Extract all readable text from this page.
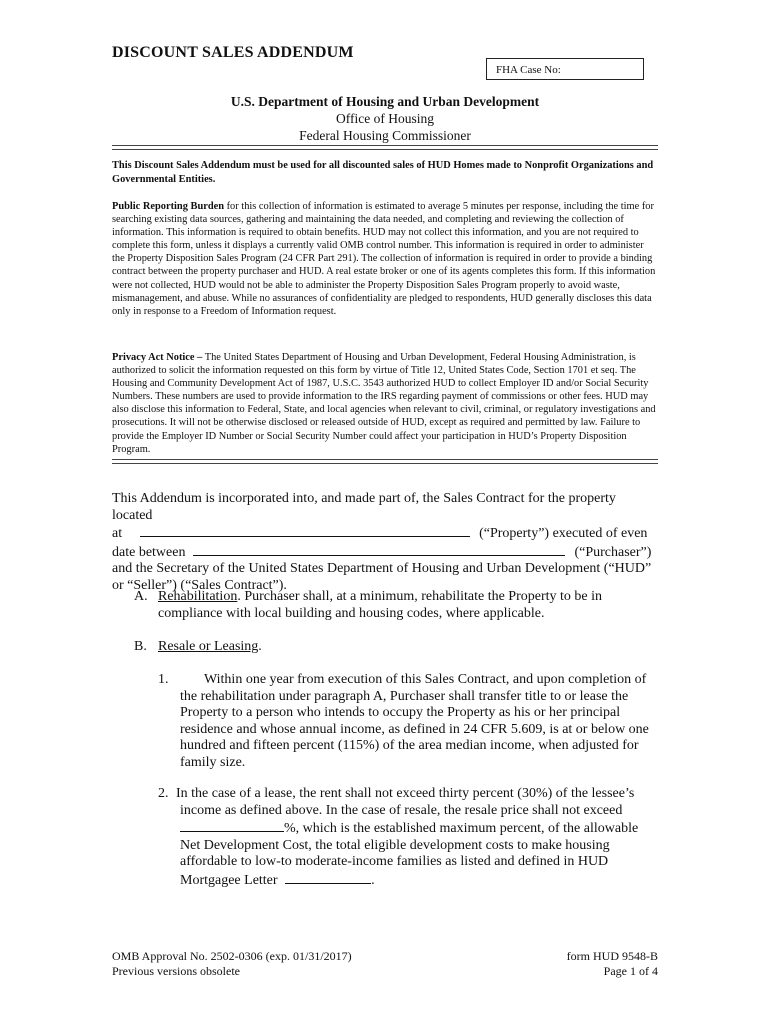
DISCOUNT SALES ADDENDUM
FHA Case No:
U.S. Department of Housing and Urban Development
Office of Housing
Federal Housing Commissioner
This Discount Sales Addendum must be used for all discounted sales of HUD Homes made to Nonprofit Organizations and Governmental Entities.
Public Reporting Burden for this collection of information is estimated to average 5 minutes per response, including the time for searching existing data sources, gathering and maintaining the data needed, and completing and reviewing the collection of information. This information is required to obtain benefits. HUD may not collect this information, and you are not required to complete this form, unless it displays a currently valid OMB control number. This information is required in order to administer the Property Disposition Sales Program (24 CFR Part 291). The collection of information is required in order to provide a binding contract between the property purchaser and HUD. A real estate broker or one of its agents completes this form. If this information were not collected, HUD would not be able to administer the Property Disposition Sales Program properly to avoid waste, mismanagement, and abuse. While no assurances of confidentiality are pledged to respondents, HUD generally discloses this data only in response to a Freedom of Information request.
Privacy Act Notice – The United States Department of Housing and Urban Development, Federal Housing Administration, is authorized to solicit the information requested on this form by virtue of Title 12, United States Code, Section 1701 et seq. The Housing and Community Development Act of 1987, U.S.C. 3543 authorized HUD to collect Employer ID and/or Social Security Numbers. These numbers are used to provide information to the IRS regarding payment of commissions or other fees. HUD may also disclose this information to Federal, State, and local agencies when relevant to civil, criminal, or regulatory investigations and prosecutions. It will not be otherwise disclosed or released outside of HUD, except as required and permitted by law. Failure to provide the Employer ID Number or Social Security Number could affect your participation in HUD’s Property Disposition Program.
This Addendum is incorporated into, and made part of, the Sales Contract for the property located
at	(“Property”) executed of even
date between	(“Purchaser”)
and the Secretary of the United States Department of Housing and Urban Development (“HUD”
or “Seller”) (“Sales Contract”).
A. Rehabilitation. Purchaser shall, at a minimum, rehabilitate the Property to be in
compliance with local building and housing codes, where applicable.
B. Resale or Leasing.
1.	Within one year from execution of this Sales Contract, and upon completion of
the rehabilitation under paragraph A, Purchaser shall transfer title to or lease the
Property to a person who intends to occupy the Property as his or her principal
residence and whose annual income, as defined in 24 CFR 5.609, is at or below one
hundred and fifteen percent (115%) of the area median income, when adjusted for
family size.
2. In the case of a lease, the rent shall not exceed thirty percent (30%) of the lessee’s
income as defined above. In the case of resale, the resale price shall not exceed
%, which is the established maximum percent, of the allowable
Net Development Cost, the total eligible development costs to make housing
affordable to low-to moderate-income families as listed and defined in HUD
Mortgagee Letter	.
OMB Approval No. 2502-0306 (exp. 01/31/2017)
Previous versions obsolete
form HUD 9548-B
Page 1 of 4
